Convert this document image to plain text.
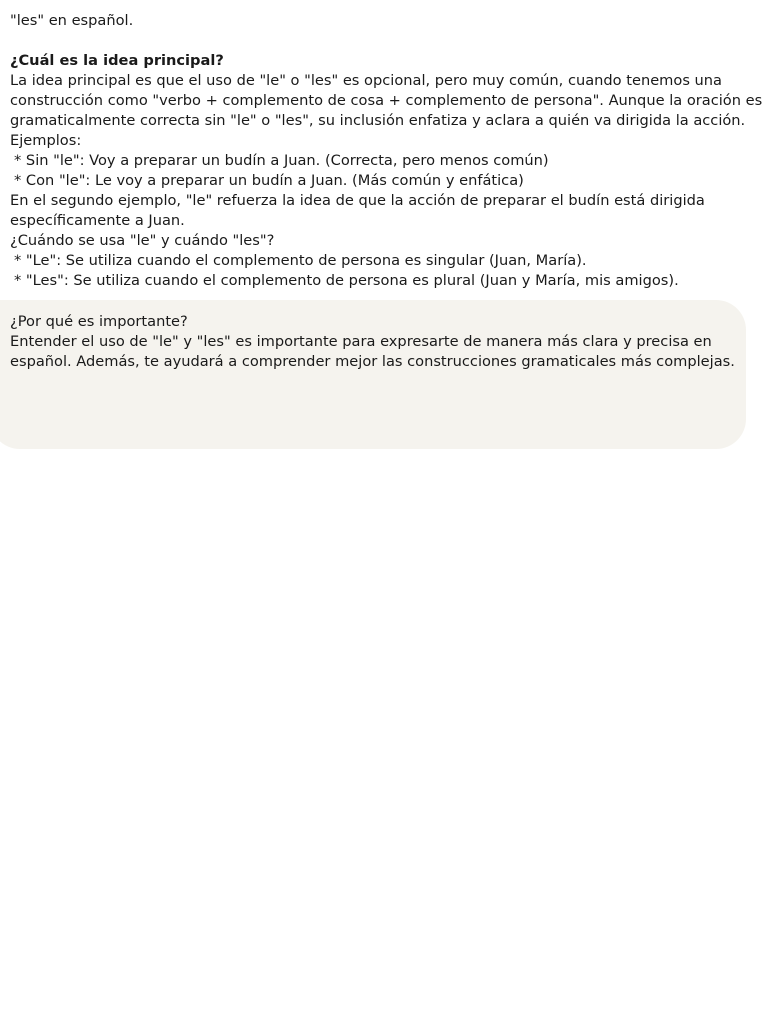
"les" en español.
¿Cuál es la idea principal?
La idea principal es que el uso de "le" o "les" es opcional, pero muy común, cuando tenemos una
construcción como "verbo + complemento de cosa + complemento de persona". Aunque la oración es
gramaticalmente correcta sin "le" o "les", su inclusión enfatiza y aclara a quién va dirigida la acción.
Ejemplos:
* Sin "le": Voy a preparar un budín a Juan. (Correcta, pero menos común)
* Con "le": Le voy a preparar un budín a Juan. (Más común y enfática)
En el segundo ejemplo, "le" refuerza la idea de que la acción de preparar el budín está dirigida
específicamente a Juan.
¿Cuándo se usa "le" y cuándo "les"?
* "Le": Se utiliza cuando el complemento de persona es singular (Juan, María).
* "Les": Se utiliza cuando el complemento de persona es plural (Juan y María, mis amigos).
¿Por qué es importante?
Entender el uso de "le" y "les" es importante para expresarte de manera más clara y precisa en
español. Además, te ayudará a comprender mejor las construcciones gramaticales más complejas.
